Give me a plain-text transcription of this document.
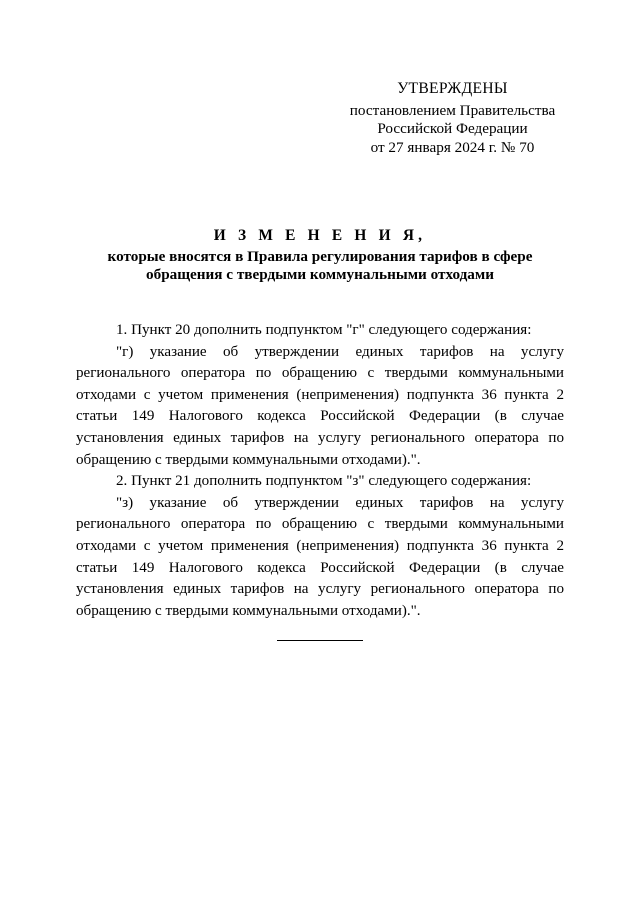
УТВЕРЖДЕНЫ
постановлением Правительства
Российской Федерации
от 27 января 2024 г. № 70
И З М Е Н Е Н И Я,
которые вносятся в Правила регулирования тарифов в сфере
обращения с твердыми коммунальными отходами

1. Пункт 20 дополнить подпунктом "г" следующего содержания:

"г) указание об утверждении единых тарифов на услугу регионального оператора по обращению с твердыми коммунальными отходами с учетом применения (неприменения) подпункта 36 пункта 2 статьи 149 Налогового кодекса Российской Федерации (в случае установления единых тарифов на услугу регионального оператора по обращению с твердыми коммунальными отходами).".

2. Пункт 21 дополнить подпунктом "з" следующего содержания:

"з) указание об утверждении единых тарифов на услугу регионального оператора по обращению с твердыми коммунальными отходами с учетом применения (неприменения) подпункта 36 пункта 2 статьи 149 Налогового кодекса Российской Федерации (в случае установления единых тарифов на услугу регионального оператора по обращению с твердыми коммунальными отходами).".
